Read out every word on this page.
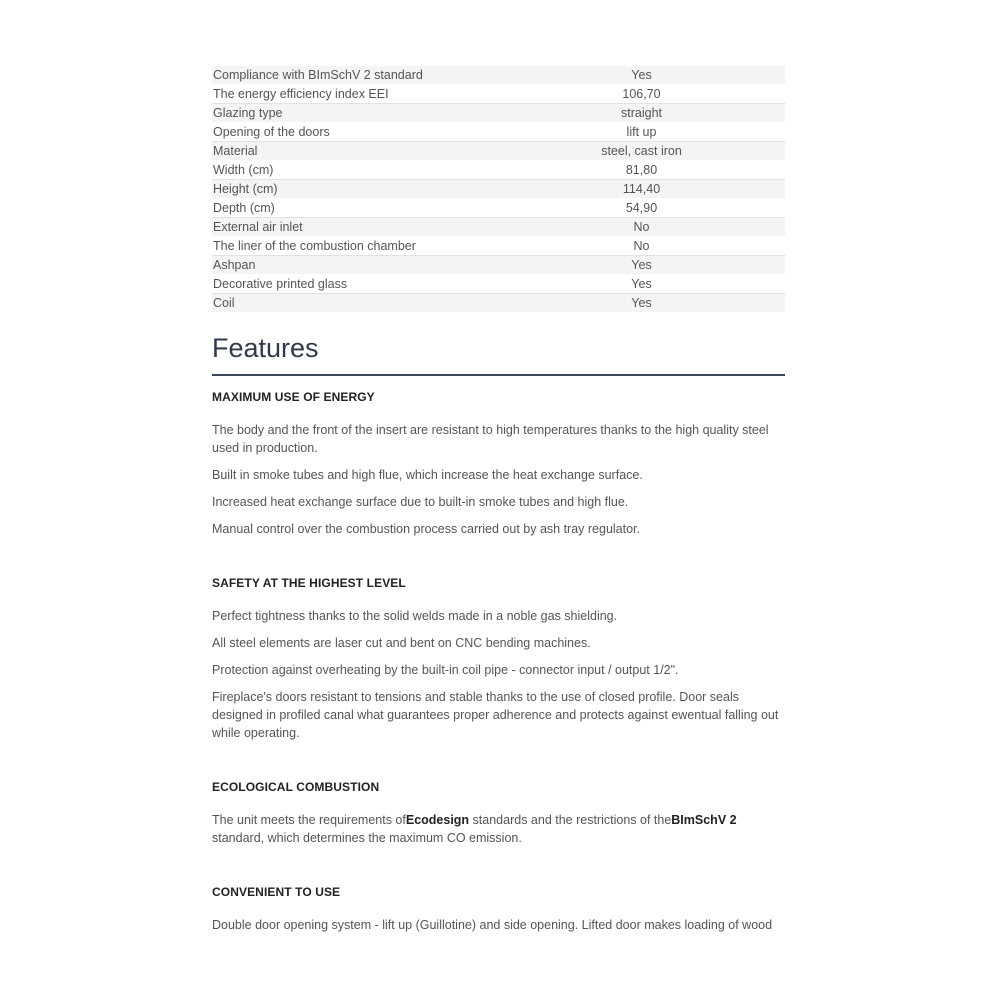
Compliance with BImSchV 2 standard	Yes
The energy efficiency index EEI	106,70
Glazing type	straight
Opening of the doors	lift up
Material	steel, cast iron
Width (cm)	81,80
Height (cm)	114,40
Depth (cm)	54,90
External air inlet	No
The liner of the combustion chamber	No
Ashpan	Yes
Decorative printed glass	Yes
Coil	Yes
Features
MAXIMUM USE OF ENERGY

The body and the front of the insert are resistant to high temperatures thanks to the high quality steel used in production.

Built in smoke tubes and high flue, which increase the heat exchange surface.

Increased heat exchange surface due to built-in smoke tubes and high flue.

Manual control over the combustion process carried out by ash tray regulator.

SAFETY AT THE HIGHEST LEVEL

Perfect tightness thanks to the solid welds made in a noble gas shielding.

All steel elements are laser cut and bent on CNC bending machines.

Protection against overheating by the built-in coil pipe - connector input / output 1/2".

Fireplace's doors resistant to tensions and stable thanks to the use of closed profile. Door seals designed in profiled canal what guarantees proper adherence and protects against ewentual falling out while operating.

ECOLOGICAL COMBUSTION

The unit meets the requirements ofEcodesign standards and the restrictions of theBImSchV 2 standard, which determines the maximum CO emission.

CONVENIENT TO USE

Double door opening system - lift up (Guillotine) and side opening. Lifted door makes loading of wood
